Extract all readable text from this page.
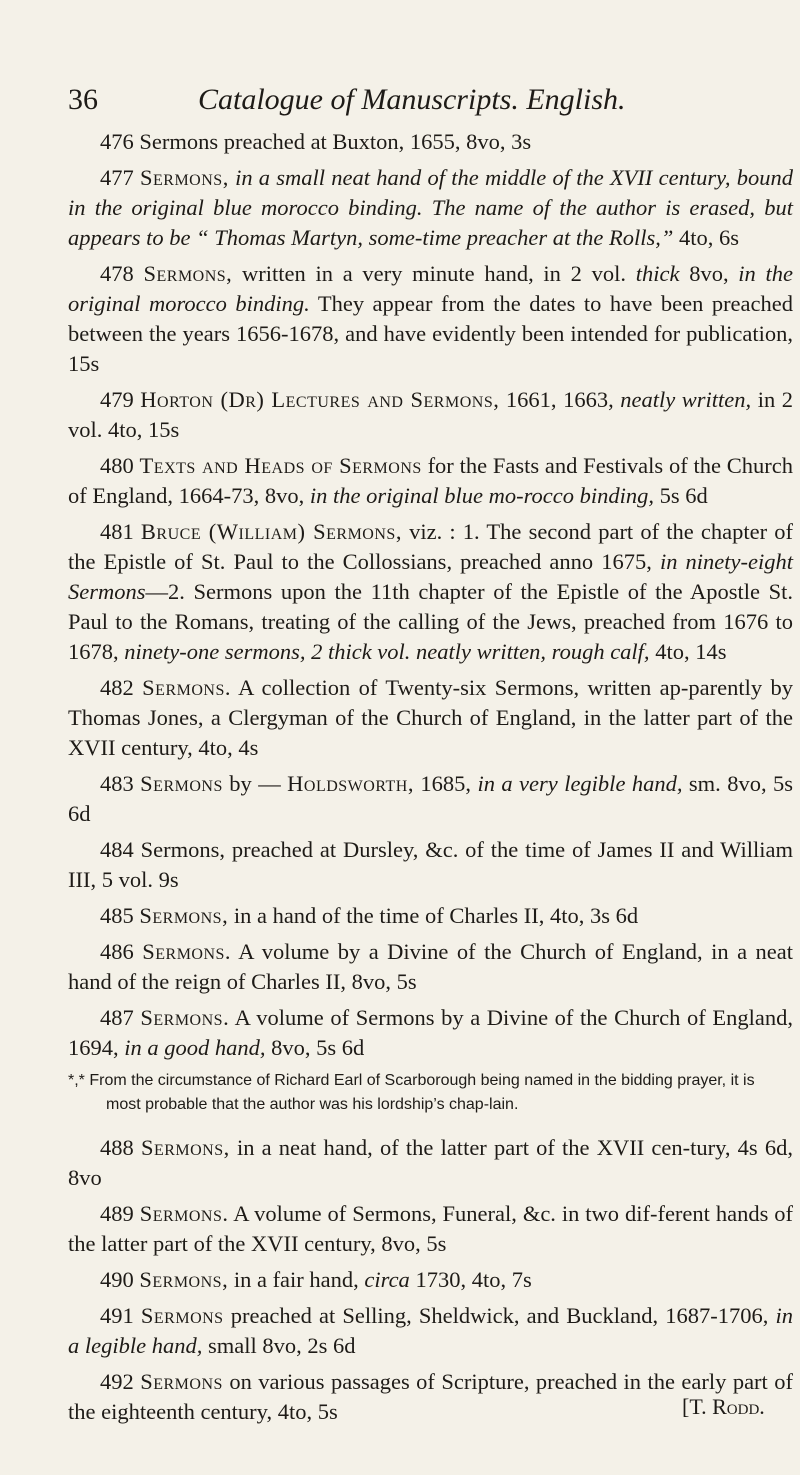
36	Catalogue of Manuscripts. English.

476 Sermons preached at Buxton, 1655, 8vo, 3s

477 Sermons, in a small neat hand of the middle of the XVII century, bound in the original blue morocco binding. The name of the author is erased, but appears to be “ Thomas Martyn, some-time preacher at the Rolls,” 4to, 6s

478 Sermons, written in a very minute hand, in 2 vol. thick 8vo, in the original morocco binding. They appear from the dates to have been preached between the years 1656-1678, and have evidently been intended for publication, 15s

479 Horton (Dr) Lectures and Sermons, 1661, 1663, neatly written, in 2 vol. 4to, 15s

480 Texts and Heads of Sermons for the Fasts and Festivals of the Church of England, 1664-73, 8vo, in the original blue mo-rocco binding, 5s 6d

481 Bruce (William) Sermons, viz. : 1. The second part of the chapter of the Epistle of St. Paul to the Collossians, preached anno 1675, in ninety-eight Sermons—2. Sermons upon the 11th chapter of the Epistle of the Apostle St. Paul to the Romans, treating of the calling of the Jews, preached from 1676 to 1678, ninety-one sermons, 2 thick vol. neatly written, rough calf, 4to, 14s

482 Sermons. A collection of Twenty-six Sermons, written ap-parently by Thomas Jones, a Clergyman of the Church of England, in the latter part of the XVII century, 4to, 4s

483 Sermons by — Holdsworth, 1685, in a very legible hand, sm. 8vo, 5s 6d

484 Sermons, preached at Dursley, &c. of the time of James II and William III, 5 vol. 9s

485 Sermons, in a hand of the time of Charles II, 4to, 3s 6d

486 Sermons. A volume by a Divine of the Church of England, in a neat hand of the reign of Charles II, 8vo, 5s

487 Sermons. A volume of Sermons by a Divine of the Church of England, 1694, in a good hand, 8vo, 5s 6d

*,* From the circumstance of Richard Earl of Scarborough being named in the bidding prayer, it is most probable that the author was his lordship’s chap-lain.

488 Sermons, in a neat hand, of the latter part of the XVII cen-tury, 4s 6d, 8vo

489 Sermons. A volume of Sermons, Funeral, &c. in two dif-ferent hands of the latter part of the XVII century, 8vo, 5s

490 Sermons, in a fair hand, circa 1730, 4to, 7s

491 Sermons preached at Selling, Sheldwick, and Buckland, 1687-1706, in a legible hand, small 8vo, 2s 6d

492 Sermons on various passages of Scripture, preached in the early part of the eighteenth century, 4to, 5s	[T. Rodd.
